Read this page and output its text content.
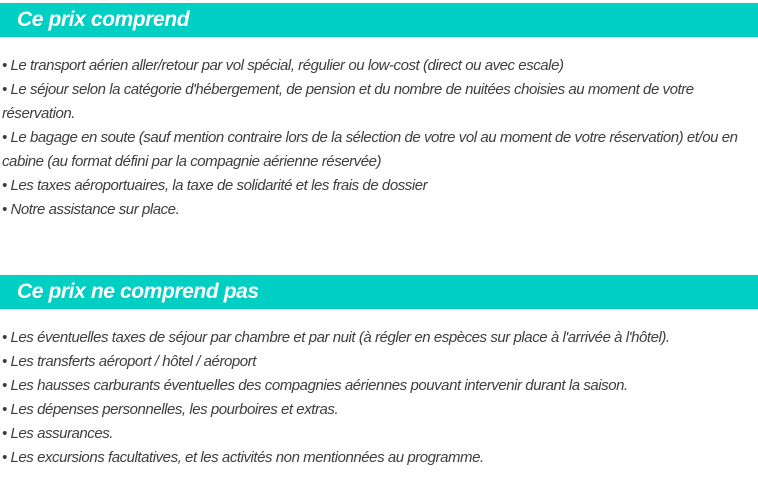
Ce prix comprend

• Le transport aérien aller/retour par vol spécial, régulier ou low-cost (direct ou avec escale)

• Le séjour selon la catégorie d'hébergement, de pension et du nombre de nuitées choisies au moment de votre réservation.

• Le bagage en soute (sauf mention contraire lors de la sélection de votre vol au moment de votre réservation) et/ou en cabine (au format défini par la compagnie aérienne réservée)

• Les taxes aéroportuaires, la taxe de solidarité et les frais de dossier

• Notre assistance sur place.

Ce prix ne comprend pas

• Les éventuelles taxes de séjour par chambre et par nuit (à régler en espèces sur place à l'arrivée à l'hôtel).

• Les transferts aéroport / hôtel / aéroport

• Les hausses carburants éventuelles des compagnies aériennes pouvant intervenir durant la saison.

• Les dépenses personnelles, les pourboires et extras.

• Les assurances.

• Les excursions facultatives, et les activités non mentionnées au programme.
